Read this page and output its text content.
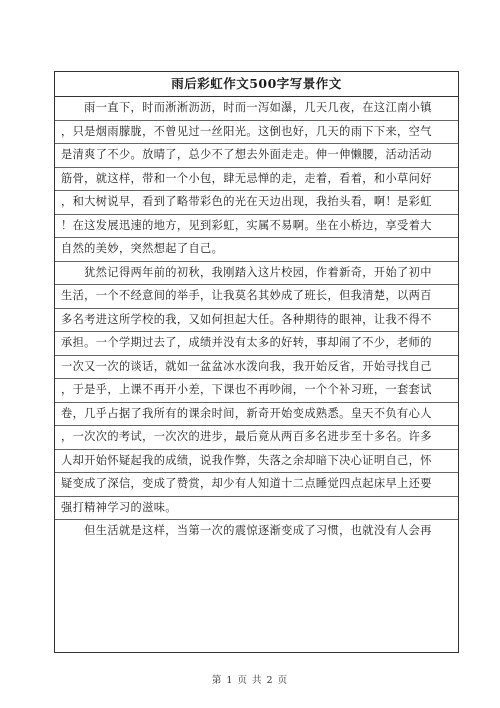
雨后彩虹作文500字写景作文
　　雨一直下，时而淅淅沥沥，时而一泻如瀑，几天几夜，在这江南小镇
，只是烟雨朦胧，不曾见过一丝阳光。这倒也好，几天的雨下下来，空气
是清爽了不少。放晴了，总少不了想去外面走走。伸一伸懒腰，活动活动
筋骨，就这样，带和一个小包，肆无忌惮的走，走着，看着，和小草问好
，和大树说早，看到了略带彩色的光在天边出现，我抬头看，啊！是彩虹
！在这发展迅速的地方，见到彩虹，实属不易啊。坐在小桥边，享受着大
自然的美妙，突然想起了自己。
　　犹然记得两年前的初秋，我刚踏入这片校园，作着新奇，开始了初中
生活，一个不经意间的举手，让我莫名其妙成了班长，但我清楚，以两百
多名考进这所学校的我，又如何担起大任。各种期待的眼神，让我不得不
承担。一个学期过去了，成绩并没有太多的好转，事却闹了不少，老师的
一次又一次的谈话，就如一盆盆冰水泼向我，我开始反省，开始寻找自己
，于是乎，上课不再开小差，下课也不再吵闹，一个个补习班，一套套试
卷，几乎占据了我所有的课余时间，新奇开始变成熟悉。皇天不负有心人
，一次次的考试，一次次的进步，最后竟从两百多名进步至十多名。许多
人却开始怀疑起我的成绩，说我作弊，失落之余却暗下决心证明自己，怀
疑变成了深信，变成了赞赏，却少有人知道十二点睡觉四点起床早上还要
强打精神学习的滋味。
　　但生活就是这样，当第一次的震惊逐渐变成了习惯，也就没有人会再
第 1 页 共 2 页
